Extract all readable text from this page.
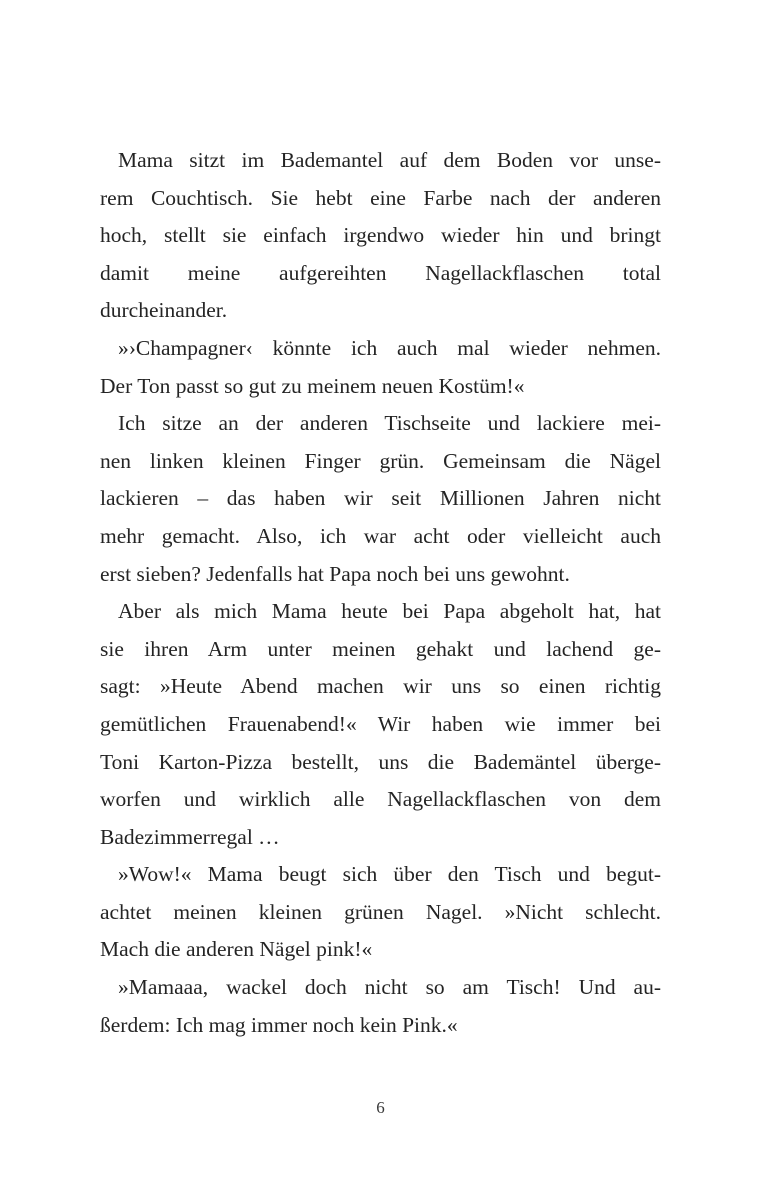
Mama sitzt im Bademantel auf dem Boden vor unse-
rem Couchtisch. Sie hebt eine Farbe nach der anderen
hoch, stellt sie einfach irgendwo wieder hin und bringt
damit meine aufgereihten Nagellackflaschen total
durcheinander.
»›Champagner‹ könnte ich auch mal wieder nehmen.
Der Ton passt so gut zu meinem neuen Kostüm!«
Ich sitze an der anderen Tischseite und lackiere mei-
nen linken kleinen Finger grün. Gemeinsam die Nägel
lackieren – das haben wir seit Millionen Jahren nicht
mehr gemacht. Also, ich war acht oder vielleicht auch
erst sieben? Jedenfalls hat Papa noch bei uns gewohnt.
Aber als mich Mama heute bei Papa abgeholt hat, hat
sie ihren Arm unter meinen gehakt und lachend ge-
sagt: »Heute Abend machen wir uns so einen richtig
gemütlichen Frauenabend!« Wir haben wie immer bei
Toni Karton-Pizza bestellt, uns die Bademäntel überge-
worfen und wirklich alle Nagellackflaschen von dem
Badezimmerregal …
»Wow!« Mama beugt sich über den Tisch und begut-
achtet meinen kleinen grünen Nagel. »Nicht schlecht.
Mach die anderen Nägel pink!«
»Mamaaa, wackel doch nicht so am Tisch! Und au-
ßerdem: Ich mag immer noch kein Pink.«
6
